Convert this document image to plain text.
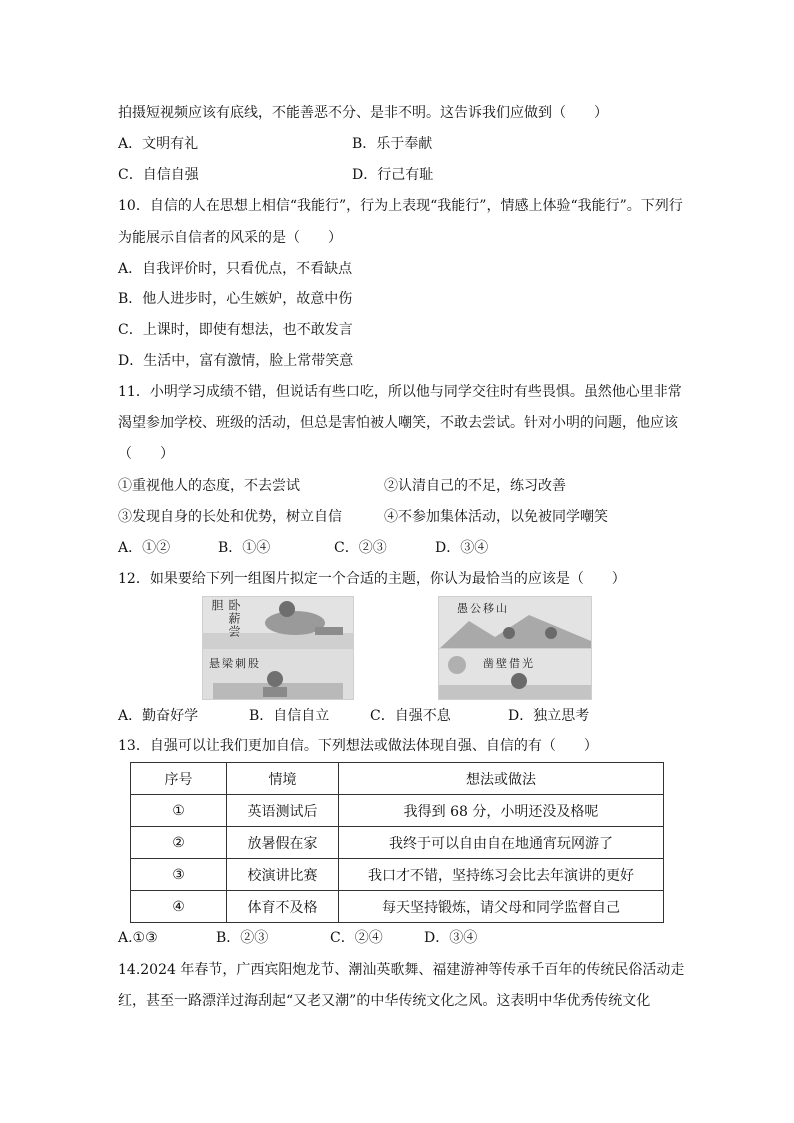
拍摄短视频应该有底线，不能善恶不分、是非不明。这告诉我们应做到（　　）
A．文明有礼	B．乐于奉献
C．自信自强	D．行己有耻
10．自信的人在思想上相信“我能行”，行为上表现“我能行”，情感上体验“我能行”。下列行
为能展示自信者的风采的是（　　）
A．自我评价时，只看优点，不看缺点
B．他人进步时，心生嫉妒，故意中伤
C．上课时，即使有想法，也不敢发言
D．生活中，富有激情，脸上常带笑意
11．小明学习成绩不错，但说话有些口吃，所以他与同学交往时有些畏惧。虽然他心里非常
渴望参加学校、班级的活动，但总是害怕被人嘲笑，不敢去尝试。针对小明的问题，他应该
（　　）
①重视他人的态度，不去尝试	②认清自己的不足，练习改善
③发现自身的长处和优势，树立自信	④不参加集体活动，以免被同学嘲笑
A．①②	B．①④	C．②③	D．③④
12．如果要给下列一组图片拟定一个合适的主题，你认为最恰当的应该是（　　）
卧薪尝胆
悬梁刺股
愚公移山
凿壁借光
A．勤奋好学	B．自信自立	C．自强不息	D．独立思考
13．自强可以让我们更加自信。下列想法或做法体现自强、自信的有（　　）
序号	情境	想法或做法
①	英语测试后	我得到 68 分，小明还没及格呢
②	放暑假在家	我终于可以自由自在地通宵玩网游了
③	校演讲比赛	我口才不错，坚持练习会比去年演讲的更好
④	体育不及格	每天坚持锻炼，请父母和同学监督自己
A.①③	B．②③	C．②④	D．③④
14.2024 年春节，广西宾阳炮龙节、潮汕英歌舞、福建游神等传承千百年的传统民俗活动走
红，甚至一路漂洋过海刮起“又老又潮”的中华传统文化之风。这表明中华优秀传统文化
